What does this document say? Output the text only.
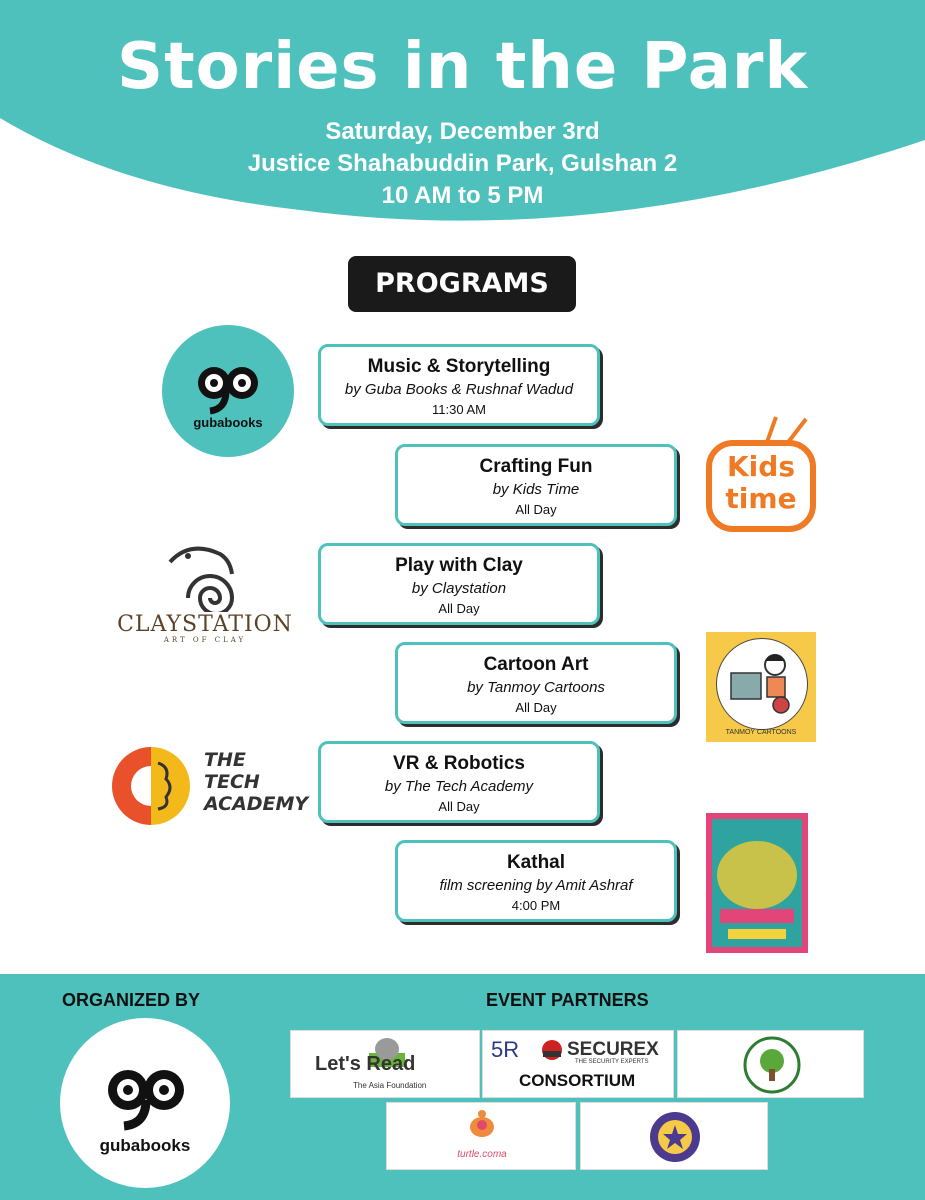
Stories in the Park
Saturday, December 3rd
Justice Shahabuddin Park, Gulshan 2
10 AM to 5 PM
PROGRAMS
Music & Storytelling
by Guba Books & Rushnaf Wadud
11:30 AM
Crafting Fun
by Kids Time
All Day
Play with Clay
by Claystation
All Day
Cartoon Art
by Tanmoy Cartoons
All Day
VR & Robotics
by The Tech Academy
All Day
Kathal
film screening by Amit Ashraf
4:00 PM
gubabooks
Kids
time
CLAYSTATION
ART OF CLAY
TANMOY CARTOONS
THE
TECH
ACADEMY
ORGANIZED BY	EVENT PARTNERS
gubabooks
Let's Read
The Asia Foundation
5R	SECUREX
THE SECURITY EXPERTS
CONSORTIUM
turtle.coma
